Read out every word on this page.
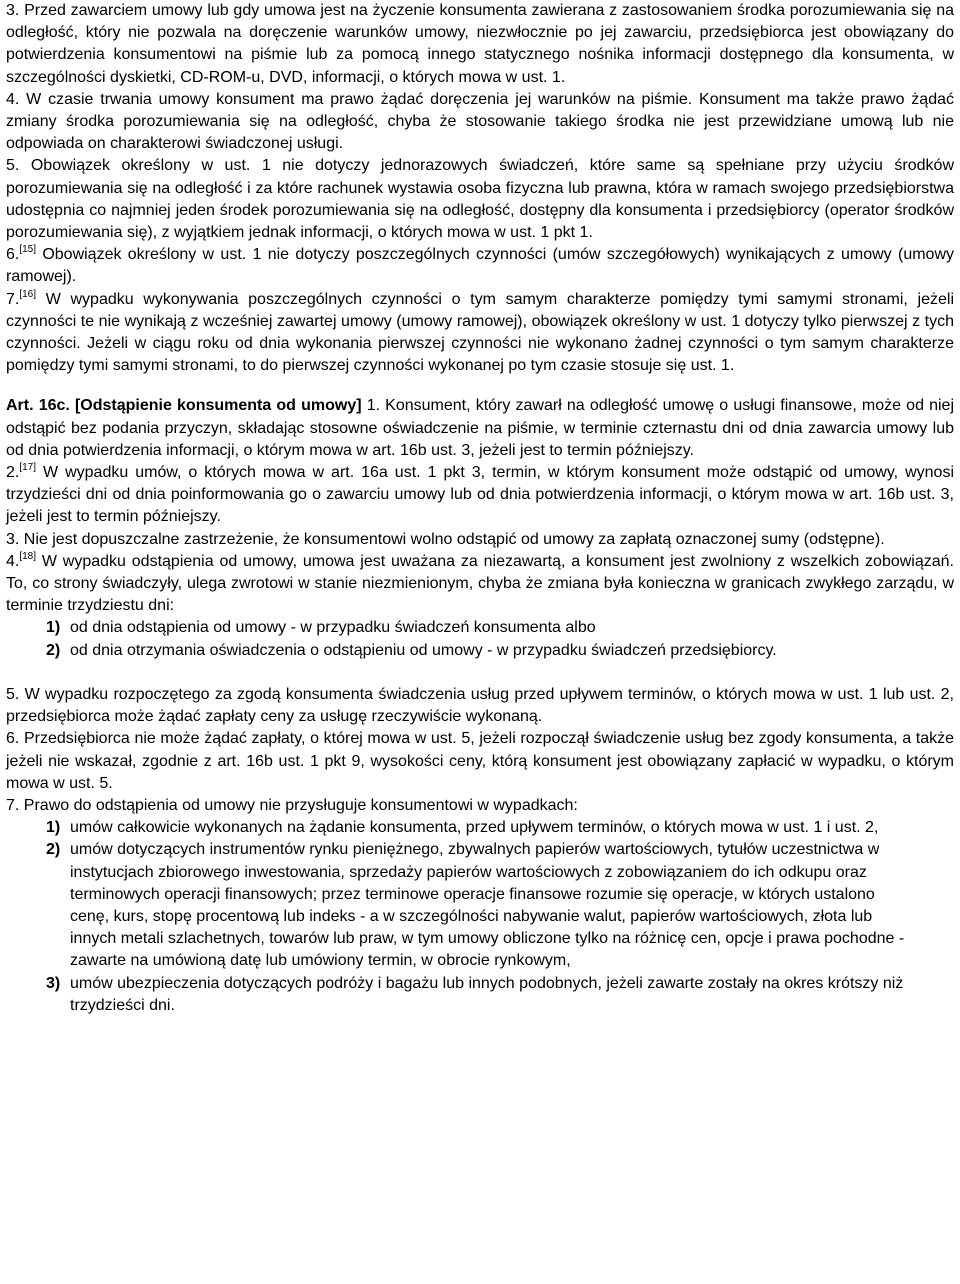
3. Przed zawarciem umowy lub gdy umowa jest na życzenie konsumenta zawierana z zastosowaniem środka porozumiewania się na odległość, który nie pozwala na doręczenie warunków umowy, niezwłocznie po jej zawarciu, przedsiębiorca jest obowiązany do potwierdzenia konsumentowi na piśmie lub za pomocą innego statycznego nośnika informacji dostępnego dla konsumenta, w szczególności dyskietki, CD-ROM-u, DVD, informacji, o których mowa w ust. 1.

4. W czasie trwania umowy konsument ma prawo żądać doręczenia jej warunków na piśmie. Konsument ma także prawo żądać zmiany środka porozumiewania się na odległość, chyba że stosowanie takiego środka nie jest przewidziane umową lub nie odpowiada on charakterowi świadczonej usługi.

5. Obowiązek określony w ust. 1 nie dotyczy jednorazowych świadczeń, które same są spełniane przy użyciu środków porozumiewania się na odległość i za które rachunek wystawia osoba fizyczna lub prawna, która w ramach swojego przedsiębiorstwa udostępnia co najmniej jeden środek porozumiewania się na odległość, dostępny dla konsumenta i przedsiębiorcy (operator środków porozumiewania się), z wyjątkiem jednak informacji, o których mowa w ust. 1 pkt 1.

6.[15] Obowiązek określony w ust. 1 nie dotyczy poszczególnych czynności (umów szczegółowych) wynikających z umowy (umowy ramowej).

7.[16] W wypadku wykonywania poszczególnych czynności o tym samym charakterze pomiędzy tymi samymi stronami, jeżeli czynności te nie wynikają z wcześniej zawartej umowy (umowy ramowej), obowiązek określony w ust. 1 dotyczy tylko pierwszej z tych czynności. Jeżeli w ciągu roku od dnia wykonania pierwszej czynności nie wykonano żadnej czynności o tym samym charakterze pomiędzy tymi samymi stronami, to do pierwszej czynności wykonanej po tym czasie stosuje się ust. 1.

Art. 16c. [Odstąpienie konsumenta od umowy] 1. Konsument, który zawarł na odległość umowę o usługi finansowe, może od niej odstąpić bez podania przyczyn, składając stosowne oświadczenie na piśmie, w terminie czternastu dni od dnia zawarcia umowy lub od dnia potwierdzenia informacji, o którym mowa w art. 16b ust. 3, jeżeli jest to termin późniejszy.

2.[17] W wypadku umów, o których mowa w art. 16a ust. 1 pkt 3, termin, w którym konsument może odstąpić od umowy, wynosi trzydzieści dni od dnia poinformowania go o zawarciu umowy lub od dnia potwierdzenia informacji, o którym mowa w art. 16b ust. 3, jeżeli jest to termin późniejszy.

3. Nie jest dopuszczalne zastrzeżenie, że konsumentowi wolno odstąpić od umowy za zapłatą oznaczonej sumy (odstępne).

4.[18] W wypadku odstąpienia od umowy, umowa jest uważana za niezawartą, a konsument jest zwolniony z wszelkich zobowiązań. To, co strony świadczyły, ulega zwrotowi w stanie niezmienionym, chyba że zmiana była konieczna w granicach zwykłego zarządu, w terminie trzydziestu dni:

1) od dnia odstąpienia od umowy - w przypadku świadczeń konsumenta albo
2) od dnia otrzymania oświadczenia o odstąpieniu od umowy - w przypadku świadczeń przedsiębiorcy.

5. W wypadku rozpoczętego za zgodą konsumenta świadczenia usług przed upływem terminów, o których mowa w ust. 1 lub ust. 2, przedsiębiorca może żądać zapłaty ceny za usługę rzeczywiście wykonaną.

6. Przedsiębiorca nie może żądać zapłaty, o której mowa w ust. 5, jeżeli rozpoczął świadczenie usług bez zgody konsumenta, a także jeżeli nie wskazał, zgodnie z art. 16b ust. 1 pkt 9, wysokości ceny, którą konsument jest obowiązany zapłacić w wypadku, o którym mowa w ust. 5.

7. Prawo do odstąpienia od umowy nie przysługuje konsumentowi w wypadkach:

1) umów całkowicie wykonanych na żądanie konsumenta, przed upływem terminów, o których mowa w ust. 1 i ust. 2,
2) umów dotyczących instrumentów rynku pieniężnego, zbywalnych papierów wartościowych, tytułów uczestnictwa w instytucjach zbiorowego inwestowania, sprzedaży papierów wartościowych z zobowiązaniem do ich odkupu oraz terminowych operacji finansowych; przez terminowe operacje finansowe rozumie się operacje, w których ustalono cenę, kurs, stopę procentową lub indeks - a w szczególności nabywanie walut, papierów wartościowych, złota lub innych metali szlachetnych, towarów lub praw, w tym umowy obliczone tylko na różnicę cen, opcje i prawa pochodne - zawarte na umówioną datę lub umówiony termin, w obrocie rynkowym,
3) umów ubezpieczenia dotyczących podróży i bagażu lub innych podobnych, jeżeli zawarte zostały na okres krótszy niż trzydzieści dni.
